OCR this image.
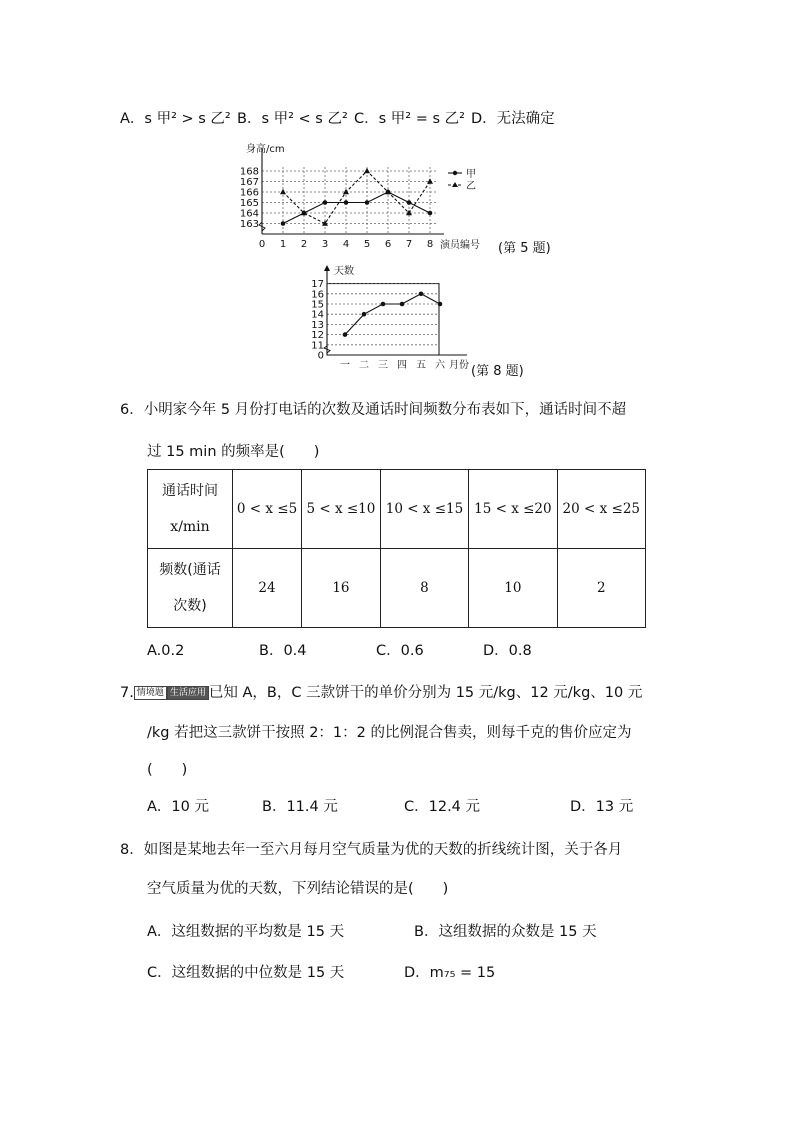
A．s 甲² > s 乙² B．s 甲² < s 乙² C．s 甲² = s 乙² D．无法确定
163
164
165
166
167
168
0 1 2 3 4 5 6 7 8
身高/cm
演员编号 (第 5 题)
甲
乙
0
11
12
13
14
15
16
17
一 二 三 四 五 六 月份
天数
(第 8 题)
6．小明家今年 5 月份打电话的次数及通话时间频数分布表如下，通话时间不超
过 15 min 的频率是(　　)
通话时间
x/min	0 < x ≤5	5 < x ≤10	10 < x ≤15	15 < x ≤20	20 < x ≤25
频数(通话
次数)	24	16	8	10	2
A.0.2	B．0.4	C．0.6	D．0.8
7. 情境题 生活应用 已知 A，B，C 三款饼干的单价分别为 15 元/kg、12 元/kg、10 元
/kg 若把这三款饼干按照 2：1：2 的比例混合售卖，则每千克的售价应定为
(　　)
A．10 元	B．11.4 元	C．12.4 元	D．13 元
8．如图是某地去年一至六月每月空气质量为优的天数的折线统计图，关于各月
空气质量为优的天数，下列结论错误的是(　　)
A．这组数据的平均数是 15 天	B．这组数据的众数是 15 天
C．这组数据的中位数是 15 天	D．m₇₅ = 15
